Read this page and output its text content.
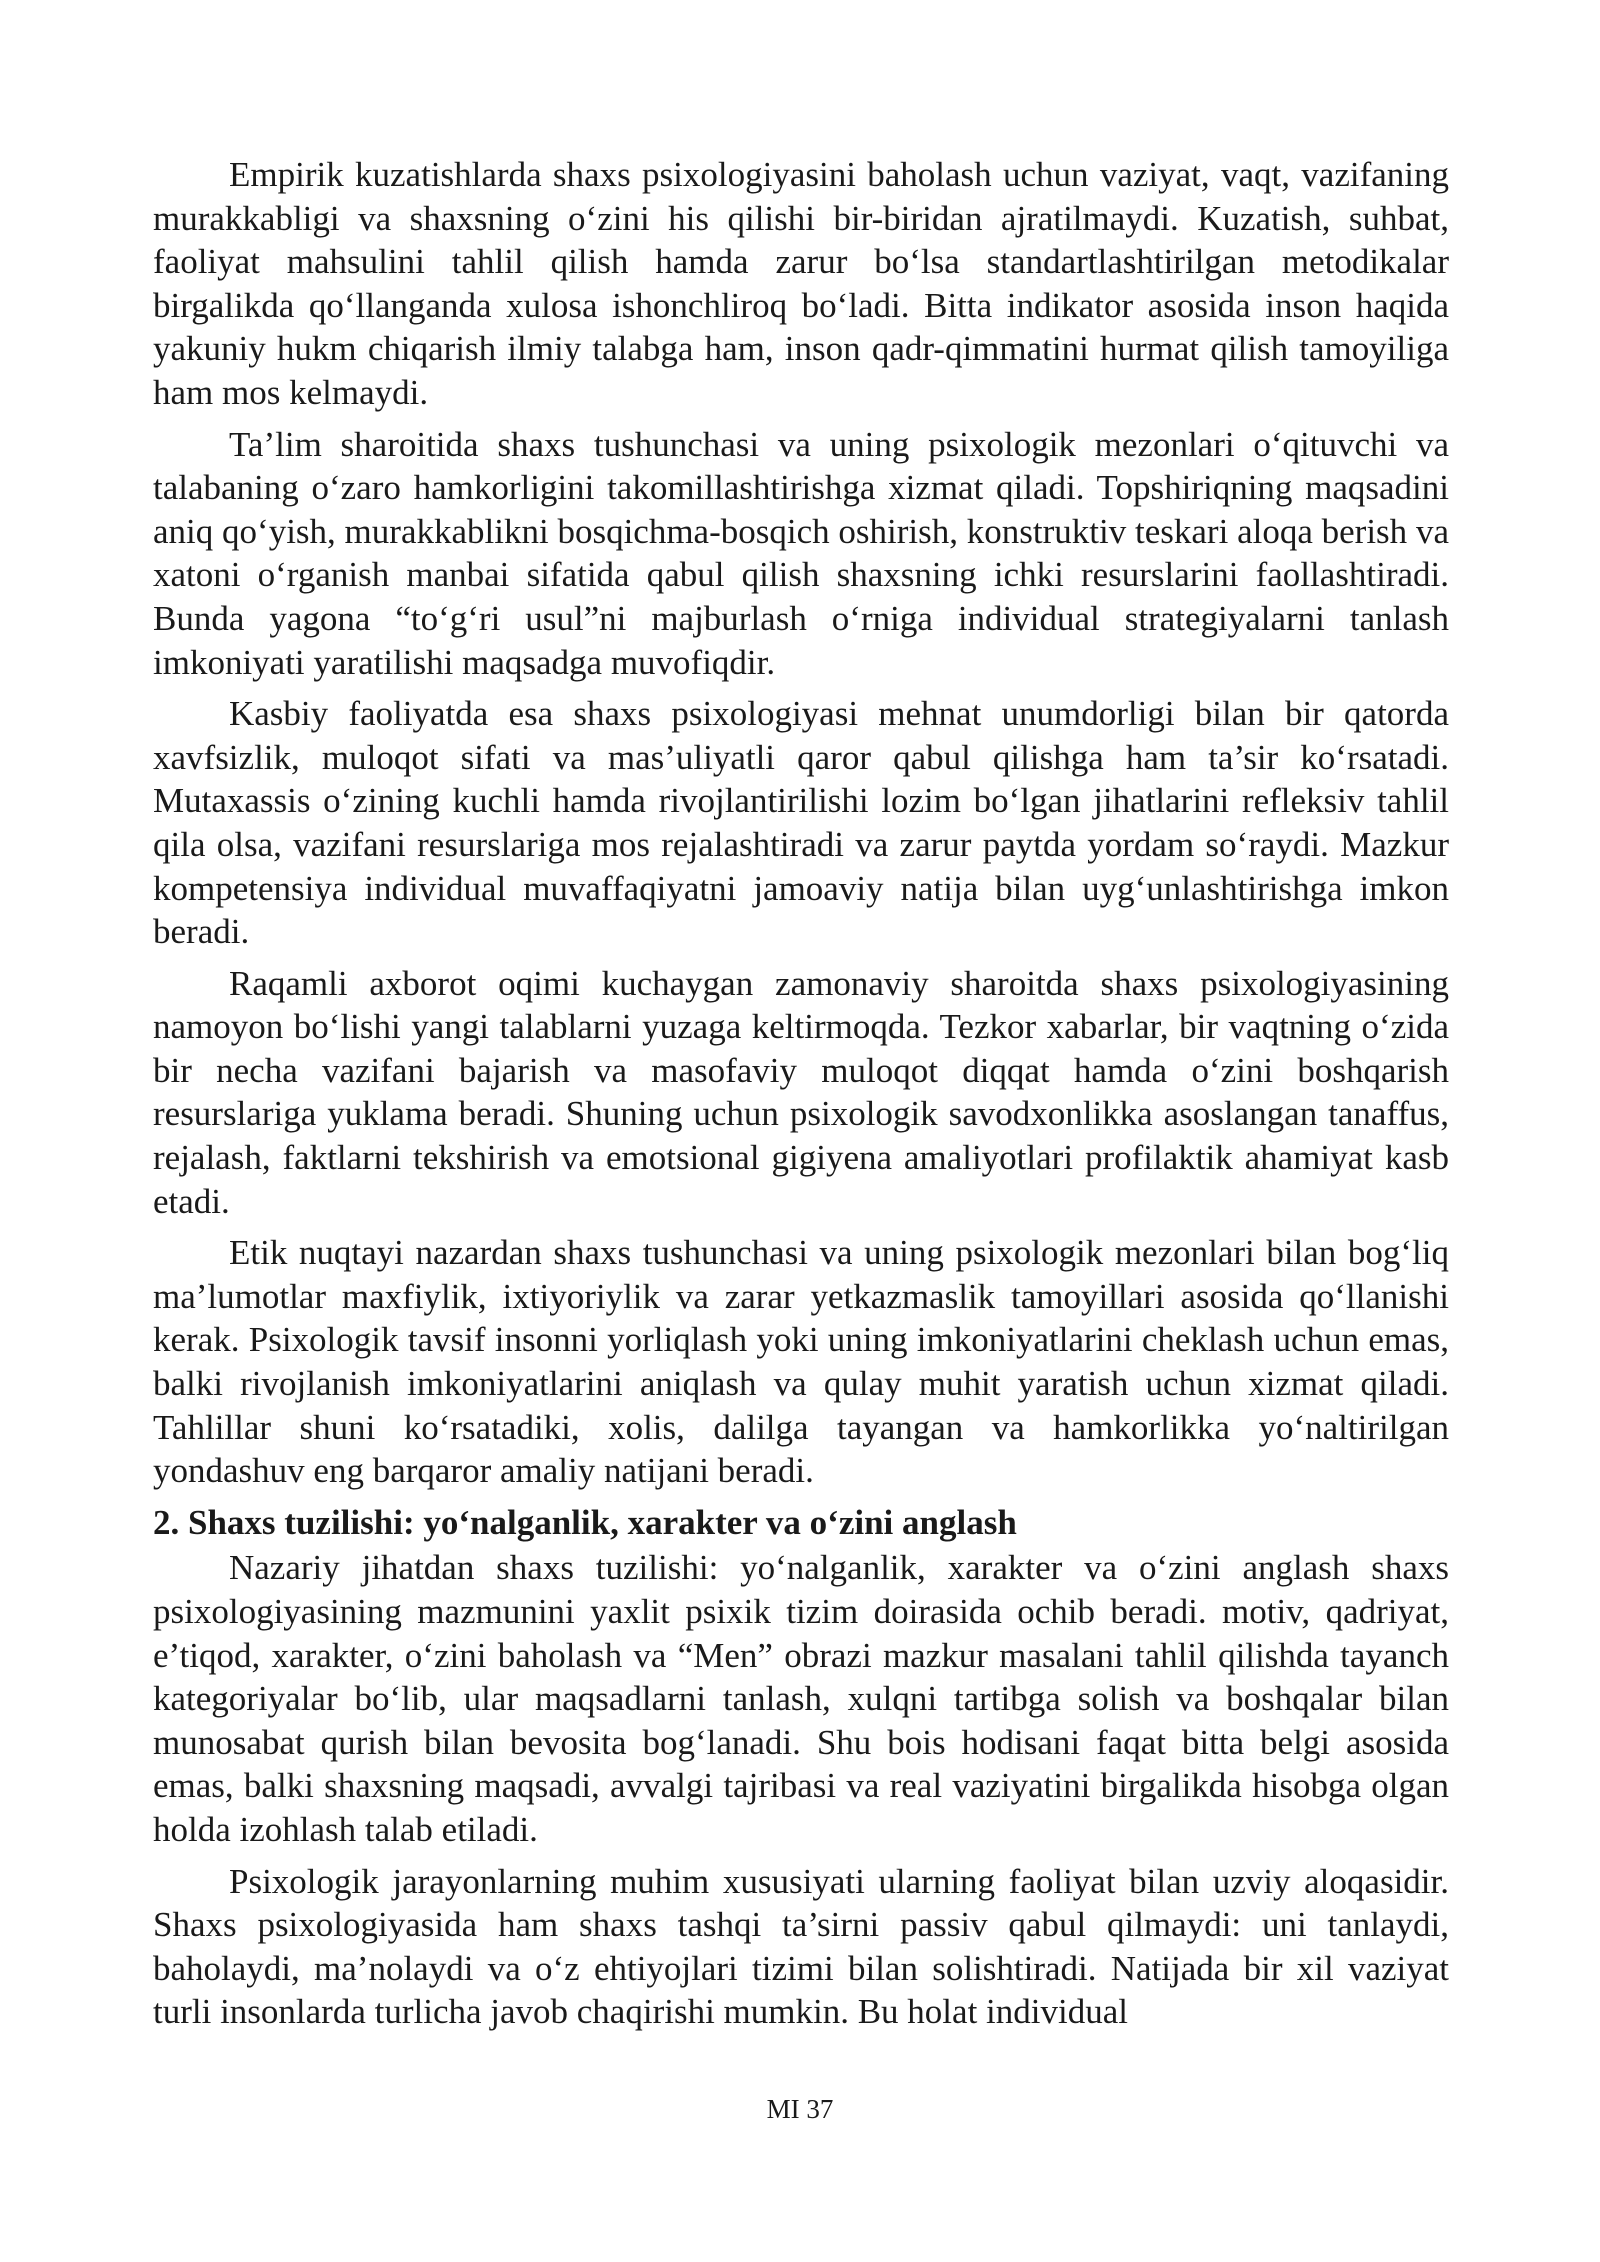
Empirik kuzatishlarda shaxs psixologiyasini baholash uchun vaziyat, vaqt, vazifaning murakkabligi va shaxsning o‘zini his qilishi bir-biridan ajratilmaydi. Kuzatish, suhbat, faoliyat mahsulini tahlil qilish hamda zarur bo‘lsa standartlashtirilgan metodikalar birgalikda qo‘llanganda xulosa ishonchliroq bo‘ladi. Bitta indikator asosida inson haqida yakuniy hukm chiqarish ilmiy talabga ham, inson qadr-qimmatini hurmat qilish tamoyiliga ham mos kelmaydi.

Ta’lim sharoitida shaxs tushunchasi va uning psixologik mezonlari o‘qituvchi va talabaning o‘zaro hamkorligini takomillashtirishga xizmat qiladi. Topshiriqning maqsadini aniq qo‘yish, murakkablikni bosqichma-bosqich oshirish, konstruktiv teskari aloqa berish va xatoni o‘rganish manbai sifatida qabul qilish shaxsning ichki resurslarini faollashtiradi. Bunda yagona “to‘g‘ri usul”ni majburlash o‘rniga individual strategiyalarni tanlash imkoniyati yaratilishi maqsadga muvofiqdir.

Kasbiy faoliyatda esa shaxs psixologiyasi mehnat unumdorligi bilan bir qatorda xavfsizlik, muloqot sifati va mas’uliyatli qaror qabul qilishga ham ta’sir ko‘rsatadi. Mutaxassis o‘zining kuchli hamda rivojlantirilishi lozim bo‘lgan jihatlarini refleksiv tahlil qila olsa, vazifani resurslariga mos rejalashtiradi va zarur paytda yordam so‘raydi. Mazkur kompetensiya individual muvaffaqiyatni jamoaviy natija bilan uyg‘unlashtirishga imkon beradi.

Raqamli axborot oqimi kuchaygan zamonaviy sharoitda shaxs psixologiyasining namoyon bo‘lishi yangi talablarni yuzaga keltirmoqda. Tezkor xabarlar, bir vaqtning o‘zida bir necha vazifani bajarish va masofaviy muloqot diqqat hamda o‘zini boshqarish resurslariga yuklama beradi. Shuning uchun psixologik savodxonlikka asoslangan tanaffus, rejalash, faktlarni tekshirish va emotsional gigiyena amaliyotlari profilaktik ahamiyat kasb etadi.

Etik nuqtayi nazardan shaxs tushunchasi va uning psixologik mezonlari bilan bog‘liq ma’lumotlar maxfiylik, ixtiyoriylik va zarar yetkazmaslik tamoyillari asosida qo‘llanishi kerak. Psixologik tavsif insonni yorliqlash yoki uning imkoniyatlarini cheklash uchun emas, balki rivojlanish imkoniyatlarini aniqlash va qulay muhit yaratish uchun xizmat qiladi. Tahlillar shuni ko‘rsatadiki, xolis, dalilga tayangan va hamkorlikka yo‘naltirilgan yondashuv eng barqaror amaliy natijani beradi.

2. Shaxs tuzilishi: yo‘nalganlik, xarakter va o‘zini anglash

Nazariy jihatdan shaxs tuzilishi: yo‘nalganlik, xarakter va o‘zini anglash shaxs psixologiyasining mazmunini yaxlit psixik tizim doirasida ochib beradi. motiv, qadriyat, e’tiqod, xarakter, o‘zini baholash va “Men” obrazi mazkur masalani tahlil qilishda tayanch kategoriyalar bo‘lib, ular maqsadlarni tanlash, xulqni tartibga solish va boshqalar bilan munosabat qurish bilan bevosita bog‘lanadi. Shu bois hodisani faqat bitta belgi asosida emas, balki shaxsning maqsadi, avvalgi tajribasi va real vaziyatini birgalikda hisobga olgan holda izohlash talab etiladi.

Psixologik jarayonlarning muhim xususiyati ularning faoliyat bilan uzviy aloqasidir. Shaxs psixologiyasida ham shaxs tashqi ta’sirni passiv qabul qilmaydi: uni tanlaydi, baholaydi, ma’nolaydi va o‘z ehtiyojlari tizimi bilan solishtiradi. Natijada bir xil vaziyat turli insonlarda turlicha javob chaqirishi mumkin. Bu holat individual

MI 37
